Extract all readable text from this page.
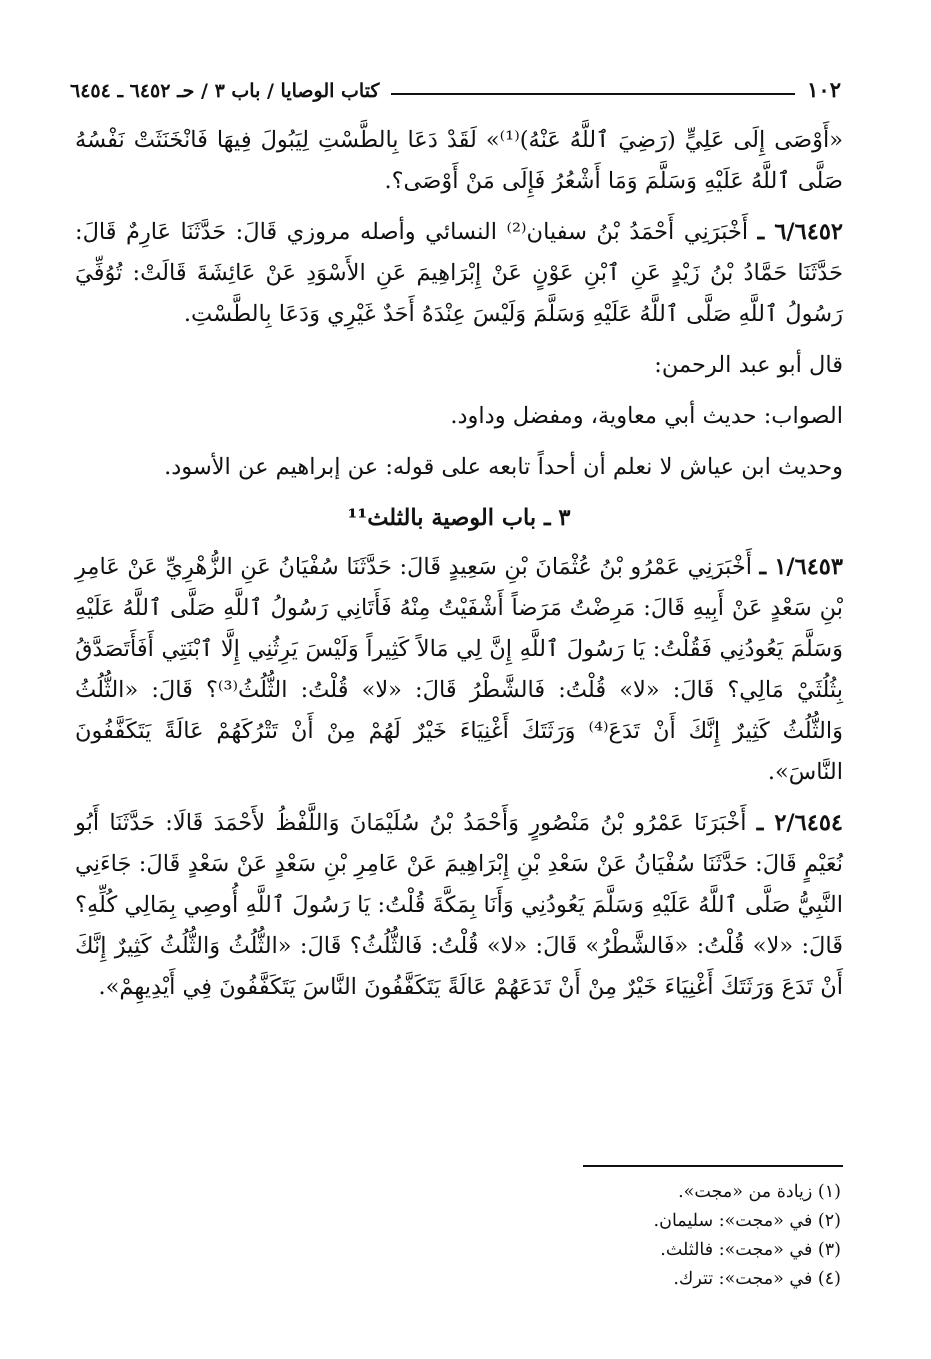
١٠٢
كتاب الوصايا / باب ٣ / حـ ٦٤٥٢ ـ ٦٤٥٤

«أَوْصَى إِلَى عَلِيٍّ (رَضِيَ ٱللَّهُ عَنْهُ)⁽¹⁾» لَقَدْ دَعَا بِالطَّسْتِ لِيَبُولَ فِيهَا فَانْخَنَثَتْ نَفْسُهُ صَلَّى ٱللَّهُ عَلَيْهِ وَسَلَّمَ وَمَا أَشْعُرُ فَإِلَى مَنْ أَوْصَى؟.

٦/٦٤٥٢ ـ أَخْبَرَنِي أَحْمَدُ بْنُ سفيان⁽²⁾ النسائي وأصله مروزي قَالَ: حَدَّثَنَا عَارِمٌ قَالَ: حَدَّثَنَا حَمَّادُ بْنُ زَيْدٍ عَنِ ٱبْنِ عَوْنٍ عَنْ إِبْرَاهِيمَ عَنِ الأَسْوَدِ عَنْ عَائِشَةَ قَالَتْ: تُوُفِّيَ رَسُولُ ٱللَّهِ صَلَّى ٱللَّهُ عَلَيْهِ وَسَلَّمَ وَلَيْسَ عِنْدَهُ أَحَدٌ غَيْرِي وَدَعَا بِالطَّسْتِ.

قال أبو عبد الرحمن:

الصواب: حديث أبي معاوية، ومفضل وداود.

وحديث ابن عياش لا نعلم أن أحداً تابعه على قوله: عن إبراهيم عن الأسود.

٣ ـ باب الوصية بالثلث¹¹

١/٦٤٥٣ ـ أَخْبَرَنِي عَمْرُو بْنُ عُثْمَانَ بْنِ سَعِيدٍ قَالَ: حَدَّثَنَا سُفْيَانُ عَنِ الزُّهْرِيِّ عَنْ عَامِرِ بْنِ سَعْدٍ عَنْ أَبِيهِ قَالَ: مَرِضْتُ مَرَضاً أَشْفَيْتُ مِنْهُ فَأَتَانِي رَسُولُ ٱللَّهِ صَلَّى ٱللَّهُ عَلَيْهِ وَسَلَّمَ يَعُودُنِي فَقُلْتُ: يَا رَسُولَ ٱللَّهِ إِنَّ لِي مَالاً كَثِيراً وَلَيْسَ يَرِثُنِي إِلَّا ٱبْنَتِي أَفَأَتَصَدَّقُ بِثُلُثَيْ مَالِي؟ قَالَ: «لا» قُلْتُ: فَالشَّطْرُ قَالَ: «لا» قُلْتُ: الثُّلُثُ⁽³⁾؟ قَالَ: «الثُّلُثُ وَالثُّلُثُ كَثِيرٌ إِنَّكَ أَنْ تَدَعَ⁽⁴⁾ وَرَثَتَكَ أَغْنِيَاءَ خَيْرٌ لَهُمْ مِنْ أَنْ تَتْرُكَهُمْ عَالَةً يَتَكَفَّفُونَ النَّاسَ».

٢/٦٤٥٤ ـ أَخْبَرَنَا عَمْرُو بْنُ مَنْصُورٍ وَأَحْمَدُ بْنُ سُلَيْمَانَ وَاللَّفْظُ لأَحْمَدَ قَالَا: حَدَّثَنَا أَبُو نُعَيْمٍ قَالَ: حَدَّثَنَا سُفْيَانُ عَنْ سَعْدِ بْنِ إِبْرَاهِيمَ عَنْ عَامِرِ بْنِ سَعْدٍ عَنْ سَعْدٍ قَالَ: جَاءَنِي النَّبِيُّ صَلَّى ٱللَّهُ عَلَيْهِ وَسَلَّمَ يَعُودُنِي وَأَنَا بِمَكَّةَ قُلْتُ: يَا رَسُولَ ٱللَّهِ أُوصِي بِمَالِي كُلِّهِ؟ قَالَ: «لا» قُلْتُ: «فَالشَّطْرُ» قَالَ: «لا» قُلْتُ: فَالثُّلُثُ؟ قَالَ: «الثُّلُثُ وَالثُّلُثُ كَثِيرٌ إِنَّكَ أَنْ تَدَعَ وَرَثَتَكَ أَغْنِيَاءَ خَيْرٌ مِنْ أَنْ تَدَعَهُمْ عَالَةً يَتَكَفَّفُونَ النَّاسَ يَتَكَفَّفُونَ فِي أَيْدِيهِمْ».

(١) زيادة من «مجت».
(٢) في «مجت»: سليمان.
(٣) في «مجت»: فالثلث.
(٤) في «مجت»: تترك.
